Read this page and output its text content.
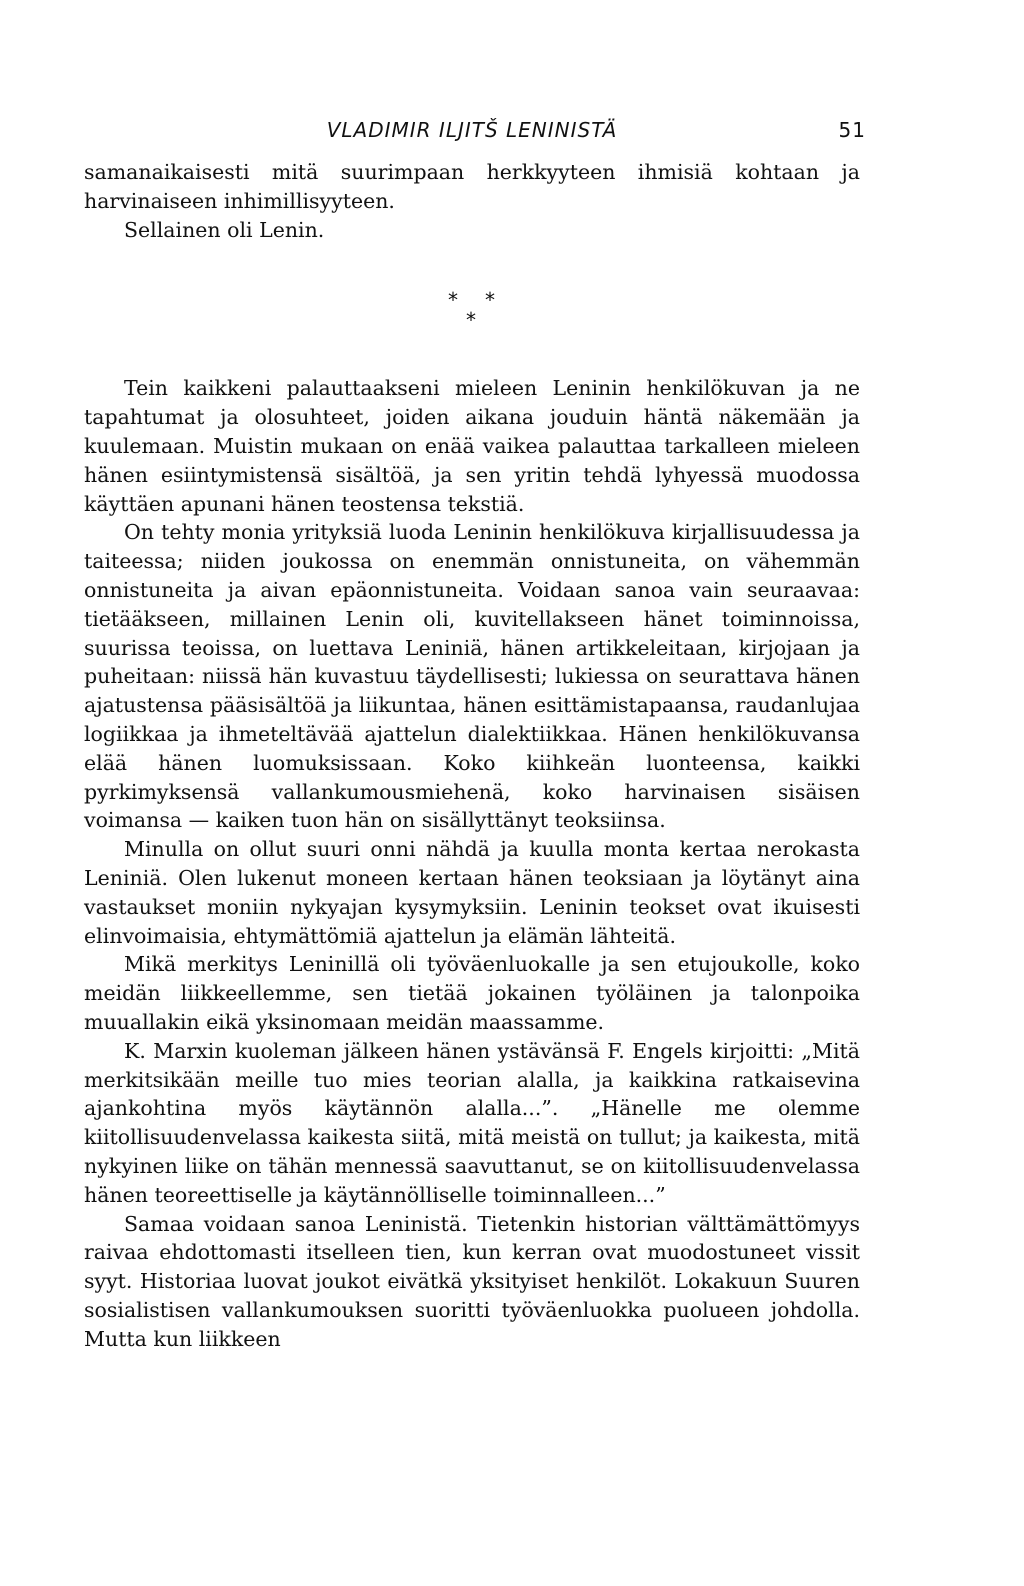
VLADIMIR ILJITŠ LENINISTÄ	51

samanaikaisesti mitä suurimpaan herkkyyteen ihmisiä kohtaan ja harvinaiseen inhimillisyyteen.

Sellainen oli Lenin.

* *
*

Tein kaikkeni palauttaakseni mieleen Leninin henkilökuvan ja ne tapahtumat ja olosuhteet, joiden aikana jouduin häntä näkemään ja kuulemaan. Muistin mukaan on enää vaikea palauttaa tarkalleen mieleen hänen esiintymistensä sisältöä, ja sen yritin tehdä lyhyessä muodossa käyttäen apunani hänen teostensa tekstiä.

On tehty monia yrityksiä luoda Leninin henkilökuva kirjallisuudessa ja taiteessa; niiden joukossa on enemmän onnistuneita, on vähemmän onnistuneita ja aivan epäonnistuneita. Voidaan sanoa vain seuraavaa: tietääkseen, millainen Lenin oli, kuvitellakseen hänet toiminnoissa, suurissa teoissa, on luettava Leniniä, hänen artikkeleitaan, kirjojaan ja puheitaan: niissä hän kuvastuu täydellisesti; lukiessa on seurattava hänen ajatustensa pääsisältöä ja liikuntaa, hänen esittämistapaansa, raudanlujaa logiikkaa ja ihmeteltävää ajattelun dialektiikkaa. Hänen henkilökuvansa elää hänen luomuksissaan. Koko kiihkeän luonteensa, kaikki pyrkimyksensä vallankumousmiehenä, koko harvinaisen sisäisen voimansa — kaiken tuon hän on sisällyttänyt teoksiinsa.

Minulla on ollut suuri onni nähdä ja kuulla monta kertaa nerokasta Leniniä. Olen lukenut moneen kertaan hänen teoksiaan ja löytänyt aina vastaukset moniin nykyajan kysymyksiin. Leninin teokset ovat ikuisesti elinvoimaisia, ehtymättömiä ajattelun ja elämän lähteitä.

Mikä merkitys Leninillä oli työväenluokalle ja sen etujoukolle, koko meidän liikkeellemme, sen tietää jokainen työläinen ja talonpoika muuallakin eikä yksinomaan meidän maassamme.

K. Marxin kuoleman jälkeen hänen ystävänsä F. Engels kirjoitti: „Mitä merkitsikään meille tuo mies teorian alalla, ja kaikkina ratkaisevina ajankohtina myös käytännön alalla...”. „Hänelle me olemme kiitollisuudenvelassa kaikesta siitä, mitä meistä on tullut; ja kaikesta, mitä nykyinen liike on tähän mennessä saavuttanut, se on kiitollisuudenvelassa hänen teoreettiselle ja käytännölliselle toiminnalleen...”

Samaa voidaan sanoa Leninistä. Tietenkin historian välttämättömyys raivaa ehdottomasti itselleen tien, kun kerran ovat muodostuneet vissit syyt. Historiaa luovat joukot eivätkä yksityiset henkilöt. Lokakuun Suuren sosialistisen vallankumouksen suoritti työväenluokka puolueen johdolla. Mutta kun liikkeen
